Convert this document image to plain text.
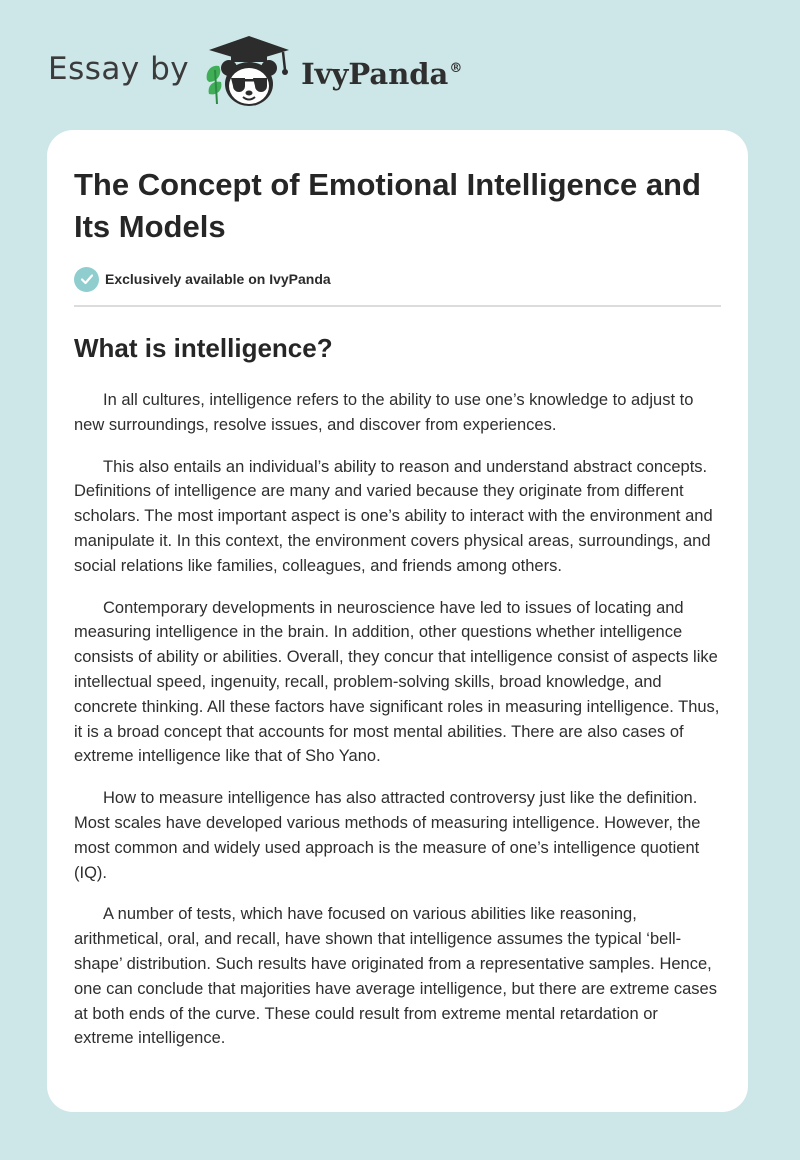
Essay by	IvyPanda®
The Concept of Emotional Intelligence and Its Models
Exclusively available on IvyPanda
What is intelligence?

In all cultures, intelligence refers to the ability to use one’s knowledge to adjust to new surroundings, resolve issues, and discover from experiences.

This also entails an individual’s ability to reason and understand abstract concepts. Definitions of intelligence are many and varied because they originate from different scholars. The most important aspect is one’s ability to interact with the environment and manipulate it. In this context, the environment covers physical areas, surroundings, and social relations like families, colleagues, and friends among others.

Contemporary developments in neuroscience have led to issues of locating and measuring intelligence in the brain. In addition, other questions whether intelligence consists of ability or abilities. Overall, they concur that intelligence consist of aspects like intellectual speed, ingenuity, recall, problem-solving skills, broad knowledge, and concrete thinking. All these factors have significant roles in measuring intelligence. Thus, it is a broad concept that accounts for most mental abilities. There are also cases of extreme intelligence like that of Sho Yano.

How to measure intelligence has also attracted controversy just like the definition. Most scales have developed various methods of measuring intelligence. However, the most common and widely used approach is the measure of one’s intelligence quotient (IQ).

A number of tests, which have focused on various abilities like reasoning, arithmetical, oral, and recall, have shown that intelligence assumes the typical ‘bell-shape’ distribution. Such results have originated from a representative samples. Hence, one can conclude that majorities have average intelligence, but there are extreme cases at both ends of the curve. These could result from extreme mental retardation or extreme intelligence.
